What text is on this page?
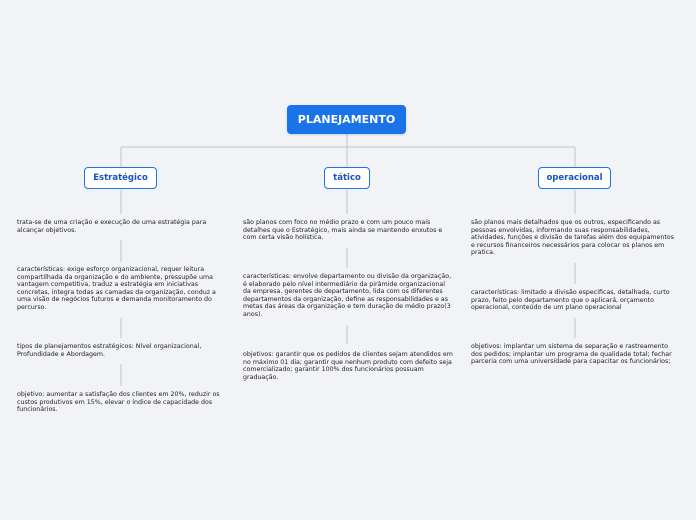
PLANEJAMENTO
Estratégico	tático	operacional
trata-se de uma criação e execução de uma estratégia para alcançar objetivos.
características: exige esforço organizacional, requer leitura compartilhada da organização e do ambiente, pressupõe uma vantagem competitiva, traduz a estratégia em iniciativas concretas, integra todas as camadas da organização, conduz a uma visão de negócios futuros e demanda monitoramento do percurso.
tipos de planejamentos estratégicos: Nível organizacional, Profundidade e Abordagem.
objetivo: aumentar a satisfação dos clientes em 20%, reduzir os custos produtivos em 15%, elevar o índice de capacidade dos funcionários.
são planos com foco no médio prazo e com um pouco mais detalhes que o Estratégico, mais ainda se mantendo enxutos e com certa visão holística.
características: envolve departamento ou divisão da organização, é elaborado pelo nível intermediário da pirâmide organizacional da empresa. gerentes de departamento, lida com os diferentes departamentos da organização, define as responsabilidades e as metas das áreas da organização e tem duração de médio prazo(3 anos).
objetivos: garantir que os pedidos de clientes sejam atendidos em no máximo 01 dia; garantir que nenhum produto com defeito seja comercializado; garantir 100% dos funcionários possuam graduação.
são planos mais detalhados que os outros, especificando as pessoas envolvidas, informando suas responsabilidades, atividades, funções e divisão de tarefas além dos equipamentos e recursos financeiros necessários para colocar os planos em pratica.
características: limitado a divisão especificas, detalhada, curto prazo, feito pelo departamento que o aplicará, orçamento operacional, conteúdo de um plano operacional
objetivos: implantar um sistema de separação e rastreamento dos pedidos; implantar um programa de qualidade total; fechar parceria com uma universidade para capacitar os funcionários;
